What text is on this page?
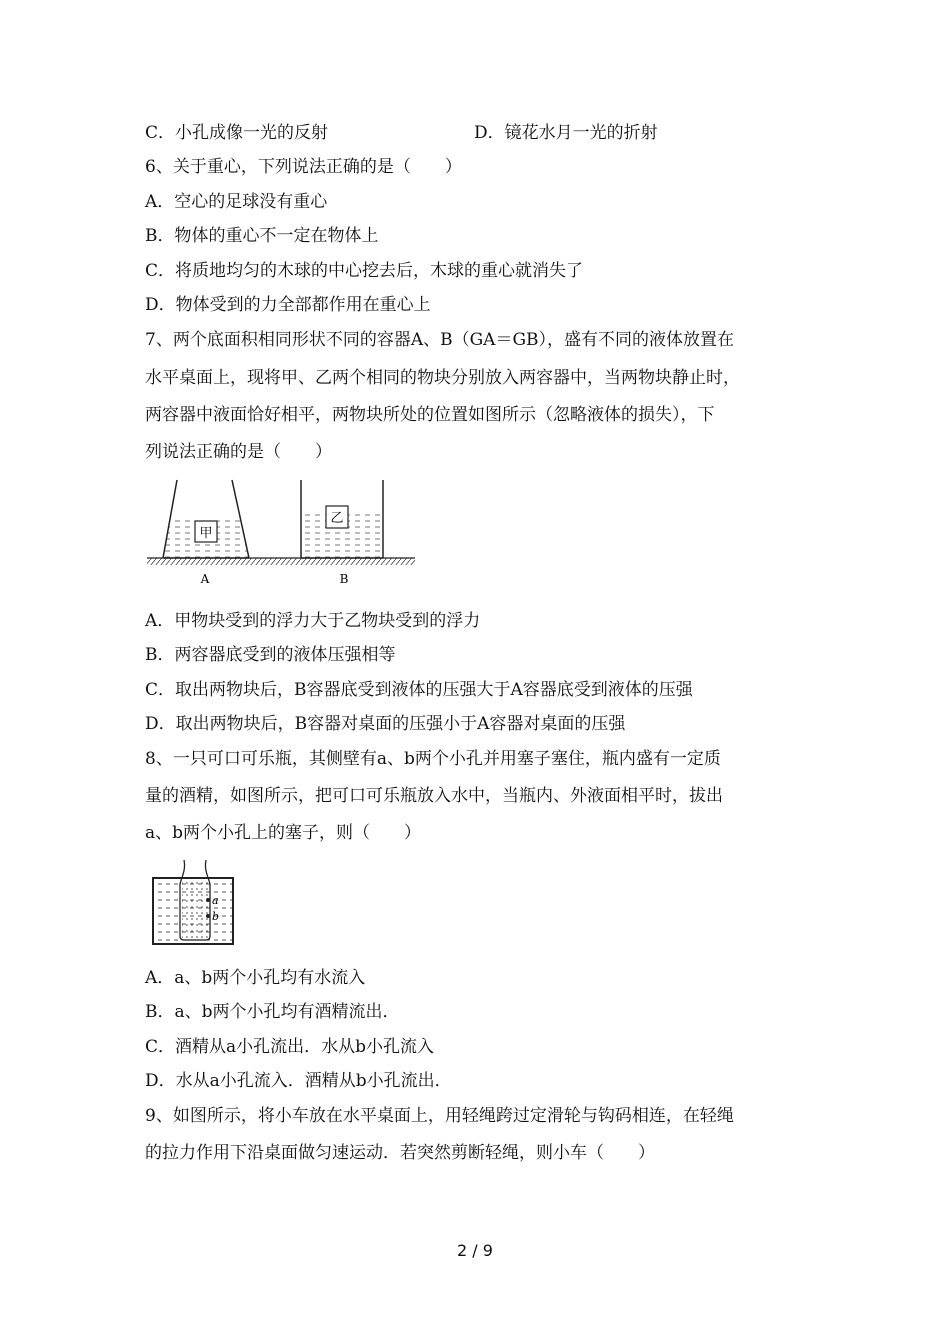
C．小孔成像一光的反射	D．镜花水月一光的折射
6、关于重心，下列说法正确的是（　　）
A．空心的足球没有重心
B．物体的重心不一定在物体上
C．将质地均匀的木球的中心挖去后，木球的重心就消失了
D．物体受到的力全部都作用在重心上
7、两个底面积相同形状不同的容器A、B（GA＝GB），盛有不同的液体放置在
水平桌面上，现将甲、乙两个相同的物块分别放入两容器中，当两物块静止时，
两容器中液面恰好相平，两物块所处的位置如图所示（忽略液体的损失），下
列说法正确的是（　　）
甲
乙
A	B
A．甲物块受到的浮力大于乙物块受到的浮力
B．两容器底受到的液体压强相等
C．取出两物块后，B容器底受到液体的压强大于A容器底受到液体的压强
D．取出两物块后，B容器对桌面的压强小于A容器对桌面的压强
8、一只可口可乐瓶，其侧壁有a、b两个小孔并用塞子塞住，瓶内盛有一定质
量的酒精，如图所示，把可口可乐瓶放入水中，当瓶内、外液面相平时，拔出
a、b两个小孔上的塞子，则（　　）
a
b
A．a、b两个小孔均有水流入
B．a、b两个小孔均有酒精流出．
C．酒精从a小孔流出．水从b小孔流入
D．水从a小孔流入．酒精从b小孔流出．
9、如图所示，将小车放在水平桌面上，用轻绳跨过定滑轮与钩码相连，在轻绳
的拉力作用下沿桌面做匀速运动．若突然剪断轻绳，则小车（　　）
2 / 9
